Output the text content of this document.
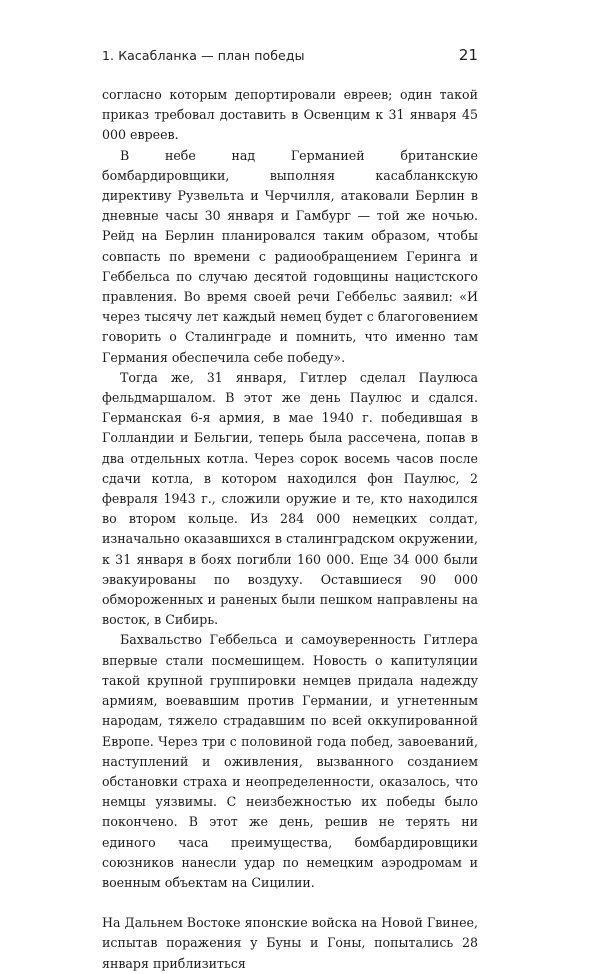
1. Касабланка — план победы	21

согласно которым депортировали евреев; один такой приказ требовал доставить в Освенцим к 31 января 45 000 евреев.

В небе над Германией британские бомбардировщики, выполняя касабланкскую директиву Рузвельта и Черчилля, атаковали Берлин в дневные часы 30 января и Гамбург — той же ночью. Рейд на Берлин планировался таким образом, чтобы совпасть по времени с радиообращением Геринга и Геббельса по случаю десятой годовщины нацистского правления. Во время своей речи Геббельс заявил: «И через тысячу лет каждый немец будет с благоговением говорить о Сталинграде и помнить, что именно там Германия обеспечила себе победу».

Тогда же, 31 января, Гитлер сделал Паулюса фельдмаршалом. В этот же день Паулюс и сдался. Германская 6-я армия, в мае 1940 г. победившая в Голландии и Бельгии, теперь была рассечена, попав в два отдельных котла. Через сорок восемь часов после сдачи котла, в котором находился фон Паулюс, 2 февраля 1943 г., сложили оружие и те, кто находился во втором кольце. Из 284 000 немецких солдат, изначально оказавшихся в сталинградском окружении, к 31 января в боях погибли 160 000. Еще 34 000 были эвакуированы по воздуху. Оставшиеся 90 000 обмороженных и раненых были пешком направлены на восток, в Сибирь.

Бахвальство Геббельса и самоуверенность Гитлера впервые стали посмешищем. Новость о капитуляции такой крупной группировки немцев придала надежду армиям, воевавшим против Германии, и угнетенным народам, тяжело страдавшим по всей оккупированной Европе. Через три с половиной года побед, завоеваний, наступлений и оживления, вызванного созданием обстановки страха и неопределенности, оказалось, что немцы уязвимы. С неизбежностью их победы было покончено. В этот же день, решив не терять ни единого часа преимущества, бомбардировщики союзников нанесли удар по немецким аэродромам и военным объектам на Сицилии.

На Дальнем Востоке японские войска на Новой Гвинее, испытав поражения у Буны и Гоны, попытались 28 января приблизиться
